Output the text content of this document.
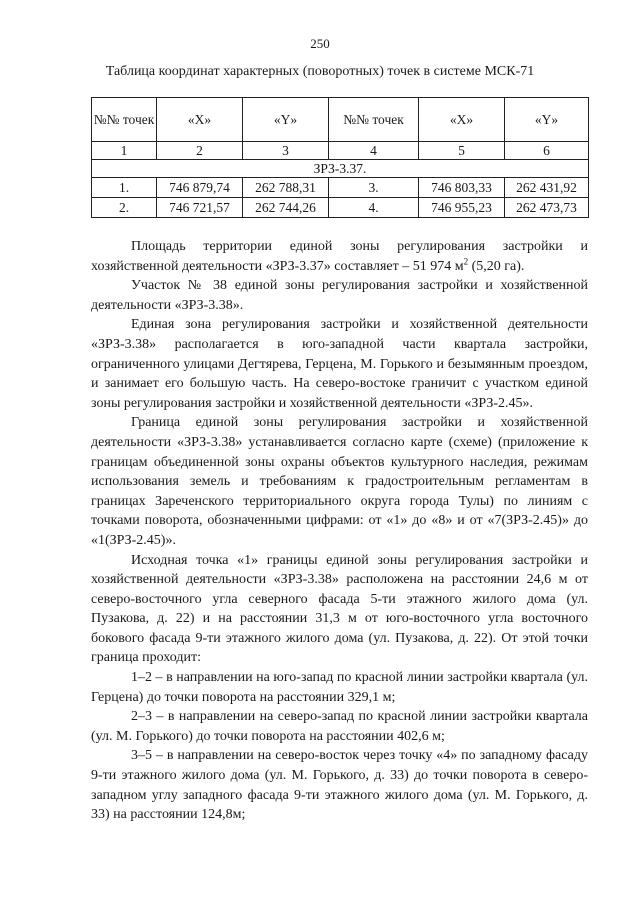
250
Таблица координат характерных (поворотных) точек в системе МСК-71
№№ точек	«X»	«Y»	№№ точек	«X»	«Y»
1	2	3	4	5	6
ЗРЗ-3.37.					
1.	746 879,74	262 788,31	3.	746 803,33	262 431,92
2.	746 721,57	262 744,26	4.	746 955,23	262 473,73

Площадь территории единой зоны регулирования застройки и хозяйственной деятельности «ЗРЗ-3.37» составляет – 51 974 $м^2$ (5,20 га).

Участок № 38 единой зоны регулирования застройки и хозяйственной деятельности «ЗРЗ-3.38».

Единая зона регулирования застройки и хозяйственной деятельности «ЗРЗ-3.38» располагается в юго-западной части квартала застройки, ограниченного улицами Дегтярева, Герцена, М. Горького и безымянным проездом, и занимает его большую часть. На северо-востоке граничит с участком единой зоны регулирования застройки и хозяйственной деятельности «ЗРЗ-2.45».

Граница единой зоны регулирования застройки и хозяйственной деятельности «ЗРЗ-3.38» устанавливается согласно карте (схеме) (приложение к границам объединенной зоны охраны объектов культурного наследия, режимам использования земель и требованиям к градостроительным регламентам в границах Зареченского территориального округа города Тулы) по линиям с точками поворота, обозначенными цифрами: от «1» до «8» и от «7(ЗРЗ-2.45)» до «1(ЗРЗ-2.45)».

Исходная точка «1» границы единой зоны регулирования застройки и хозяйственной деятельности «ЗРЗ-3.38» расположена на расстоянии 24,6 м от северо-восточного угла северного фасада 5-ти этажного жилого дома (ул. Пузакова, д. 22) и на расстоянии 31,3 м от юго-восточного угла восточного бокового фасада 9-ти этажного жилого дома (ул. Пузакова, д. 22). От этой точки граница проходит:

1–2 – в направлении на юго-запад по красной линии застройки квартала (ул. Герцена) до точки поворота на расстоянии 329,1 м;

2–3 – в направлении на северо-запад по красной линии застройки квартала (ул. М. Горького) до точки поворота на расстоянии 402,6 м;

3–5 – в направлении на северо-восток через точку «4» по западному фасаду 9-ти этажного жилого дома (ул. М. Горького, д. 33) до точки поворота в северо-западном углу западного фасада 9-ти этажного жилого дома (ул. М. Горького, д. 33) на расстоянии 124,8м;
